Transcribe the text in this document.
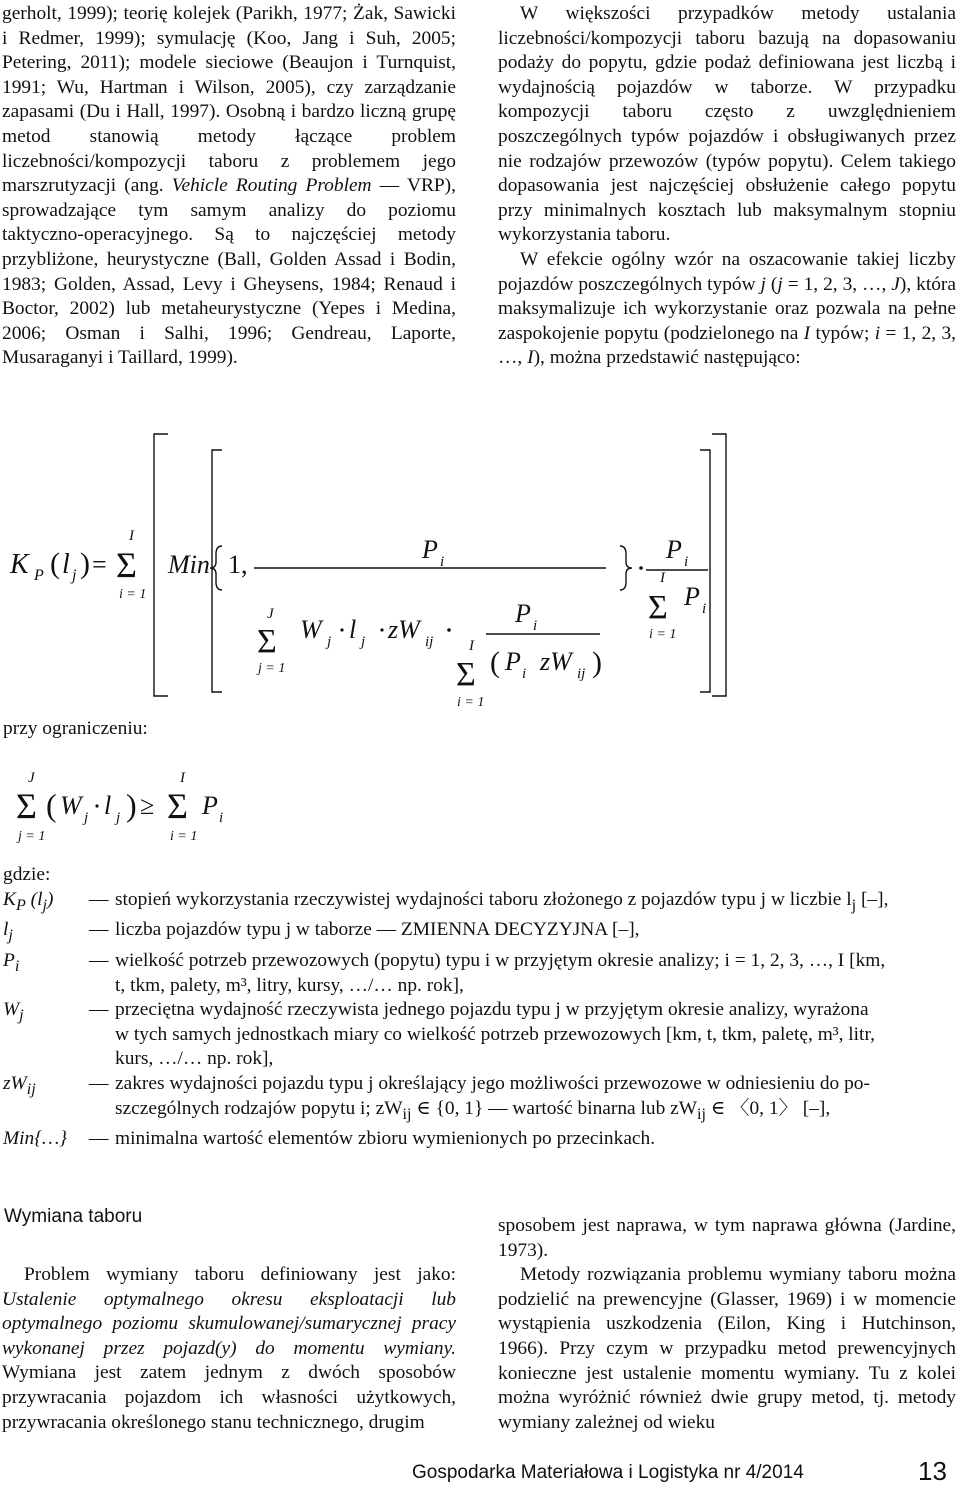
gerholt, 1999); teorię kolejek (Parikh, 1977; Żak, Sawicki i Redmer, 1999); symulację (Koo, Jang i Suh, 2005; Petering, 2011); modele sieciowe (Beaujon i Turnquist, 1991; Wu, Hartman i Wilson, 2005), czy zarządzanie zapasami (Du i Hall, 1997). Osobną i bardzo liczną grupę metod stanowią metody łączące problem liczebności/kompozycji taboru z problemem jego marszrutyzacji (ang. Vehicle Routing Problem — VRP), sprowadzające tym samym analizy do poziomu taktyczno-operacyjnego. Są to najczęściej metody przybliżone, heurystyczne (Ball, Golden Assad i Bodin, 1983; Golden, Assad, Levy i Gheysens, 1984; Renaud i Boctor, 2002) lub metaheurystyczne (Yepes i Medina, 2006; Osman i Salhi, 1996; Gendreau, Laporte, Musaraganyi i Taillard, 1999).

W większości przypadków metody ustalania liczebności/kompozycji taboru bazują na dopasowaniu podaży do popytu, gdzie podaż definiowana jest liczbą i wydajnością pojazdów w taborze. W przypadku kompozycji taboru często z uwzględnieniem poszczególnych typów pojazdów i obsługiwanych przez nie rodzajów przewozów (typów popytu). Celem takiego dopasowania jest najczęściej obsłużenie całego popytu przy minimalnych kosztach lub maksymalnym stopniu wykorzystania taboru.

W efekcie ogólny wzór na oszacowanie takiej liczby pojazdów poszczególnych typów j (j = 1, 2, 3, …, J), która maksymalizuje ich wykorzystanie oraz pozwala na pełne zaspokojenie popytu (podzielonego na I typów; i = 1, 2, 3, …, I), można przedstawić następująco:

K P ( l j ) =
I
Σ
i = 1
Min 1,
P i
J
Σ
j = 1
W j l j zW ij
P i
I
Σ
i = 1
( P i zW ij )
P i
I
Σ
i = 1
P i
przy ograniczeniu:
J
Σ
j = 1
( W j l j ) ≥
I
Σ
i = 1
P i
gdzie:
$K_P$ $(l_j)$	— stopień wykorzystania rzeczywistej wydajności taboru złożonego z pojazdów typu j w liczbie $l_j$ [–],
$l_j$	— liczba pojazdów typu j w taborze — ZMIENNA DECYZYJNA [–],
$P_i$	— wielkość potrzeb przewozowych (popytu) typu i w przyjętym okresie analizy; i = 1, 2, 3, …, I [km,
t, tkm, palety, m³, litry, kursy, …/… np. rok],
$W_j$	— przeciętna wydajność rzeczywista jednego pojazdu typu j w przyjętym okresie analizy, wyrażona
w tych samych jednostkach miary co wielkość potrzeb przewozowych [km, t, tkm, paletę, m³, litr,
kurs, …/… np. rok],
$zW_{ij}$	— zakres wydajności pojazdu typu j określający jego możliwości przewozowe w odniesieniu do po-
szczególnych rodzajów popytu i; $zW_{ij}$ ∈ {0, 1} — wartość binarna lub $zW_{ij}$ ∈ 〈0, 1〉 [–],
Min{…}	— minimalna wartość elementów zbioru wymienionych po przecinkach.
Wymiana taboru

Problem wymiany taboru definiowany jest jako: Ustalenie optymalnego okresu eksploatacji lub optymalnego poziomu skumulowanej/sumarycznej pracy wykonanej przez pojazd(y) do momentu wymiany. Wymiana jest zatem jednym z dwóch sposobów przywracania pojazdom ich własności użytkowych, przywracania określonego stanu technicznego, drugim

sposobem jest naprawa, w tym naprawa główna (Jardine, 1973).

Metody rozwiązania problemu wymiany taboru można podzielić na prewencyjne (Glasser, 1969) i w momencie wystąpienia uszkodzenia (Eilon, King i Hutchinson, 1966). Przy czym w przypadku metod prewencyjnych konieczne jest ustalenie momentu wymiany. Tu z kolei można wyróżnić również dwie grupy metod, tj. metody wymiany zależnej od wieku

Gospodarka Materiałowa i Logistyka nr 4/2014	13
